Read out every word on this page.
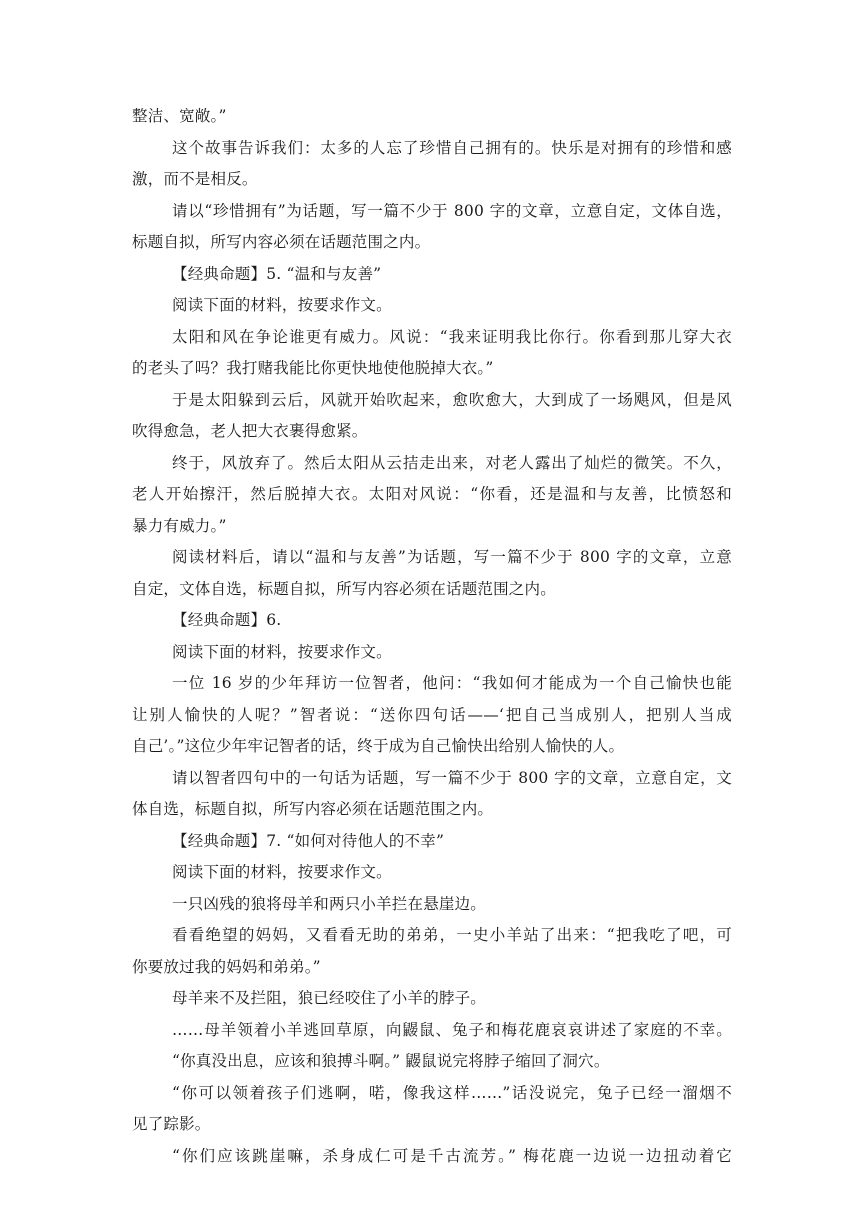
整洁、宽敞。”
这个故事告诉我们：太多的人忘了珍惜自己拥有的。快乐是对拥有的珍惜和感
激，而不是相反。
请以“珍惜拥有”为话题，写一篇不少于 800 字的文章，立意自定，文体自选，
标题自拟，所写内容必须在话题范围之内。
【经典命题】5. “温和与友善”
阅读下面的材料，按要求作文。
太阳和风在争论谁更有威力。风说：“我来证明我比你行。你看到那儿穿大衣
的老头了吗？我打赌我能比你更快地使他脱掉大衣。”
于是太阳躲到云后，风就开始吹起来，愈吹愈大，大到成了一场飓风，但是风
吹得愈急，老人把大衣裹得愈紧。
终于，风放弃了。然后太阳从云拮走出来，对老人露出了灿烂的微笑。不久，
老人开始擦汗，然后脱掉大衣。太阳对风说：“你看，还是温和与友善，比愤怒和
暴力有威力。”
阅读材料后，请以“温和与友善”为话题，写一篇不少于 800 字的文章，立意
自定，文体自选，标题自拟，所写内容必须在话题范围之内。
【经典命题】6.
阅读下面的材料，按要求作文。
一位 16 岁的少年拜访一位智者，他问：“我如何才能成为一个自己愉快也能
让别人愉快的人呢？”智者说：“送你四句话——‘把自己当成别人，把别人当成
自己’。”这位少年牢记智者的话，终于成为自己愉快出给别人愉快的人。
请以智者四句中的一句话为话题，写一篇不少于 800 字的文章，立意自定，文
体自选，标题自拟，所写内容必须在话题范围之内。
【经典命题】7. “如何对待他人的不幸”
阅读下面的材料，按要求作文。
一只凶残的狼将母羊和两只小羊拦在悬崖边。
看看绝望的妈妈，又看看无助的弟弟，一史小羊站了出来：“把我吃了吧，可
你要放过我的妈妈和弟弟。”
母羊来不及拦阻，狼已经咬住了小羊的脖子。
……母羊领着小羊逃回草原，向鼹鼠、兔子和梅花鹿哀哀讲述了家庭的不幸。
“你真没出息，应该和狼搏斗啊。” 鼹鼠说完将脖子缩回了洞穴。
“你可以领着孩子们逃啊，喏，像我这样……”话没说完，兔子已经一溜烟不
见了踪影。
“你们应该跳崖嘛，杀身成仁可是千古流芳。” 梅花鹿一边说一边扭动着它
